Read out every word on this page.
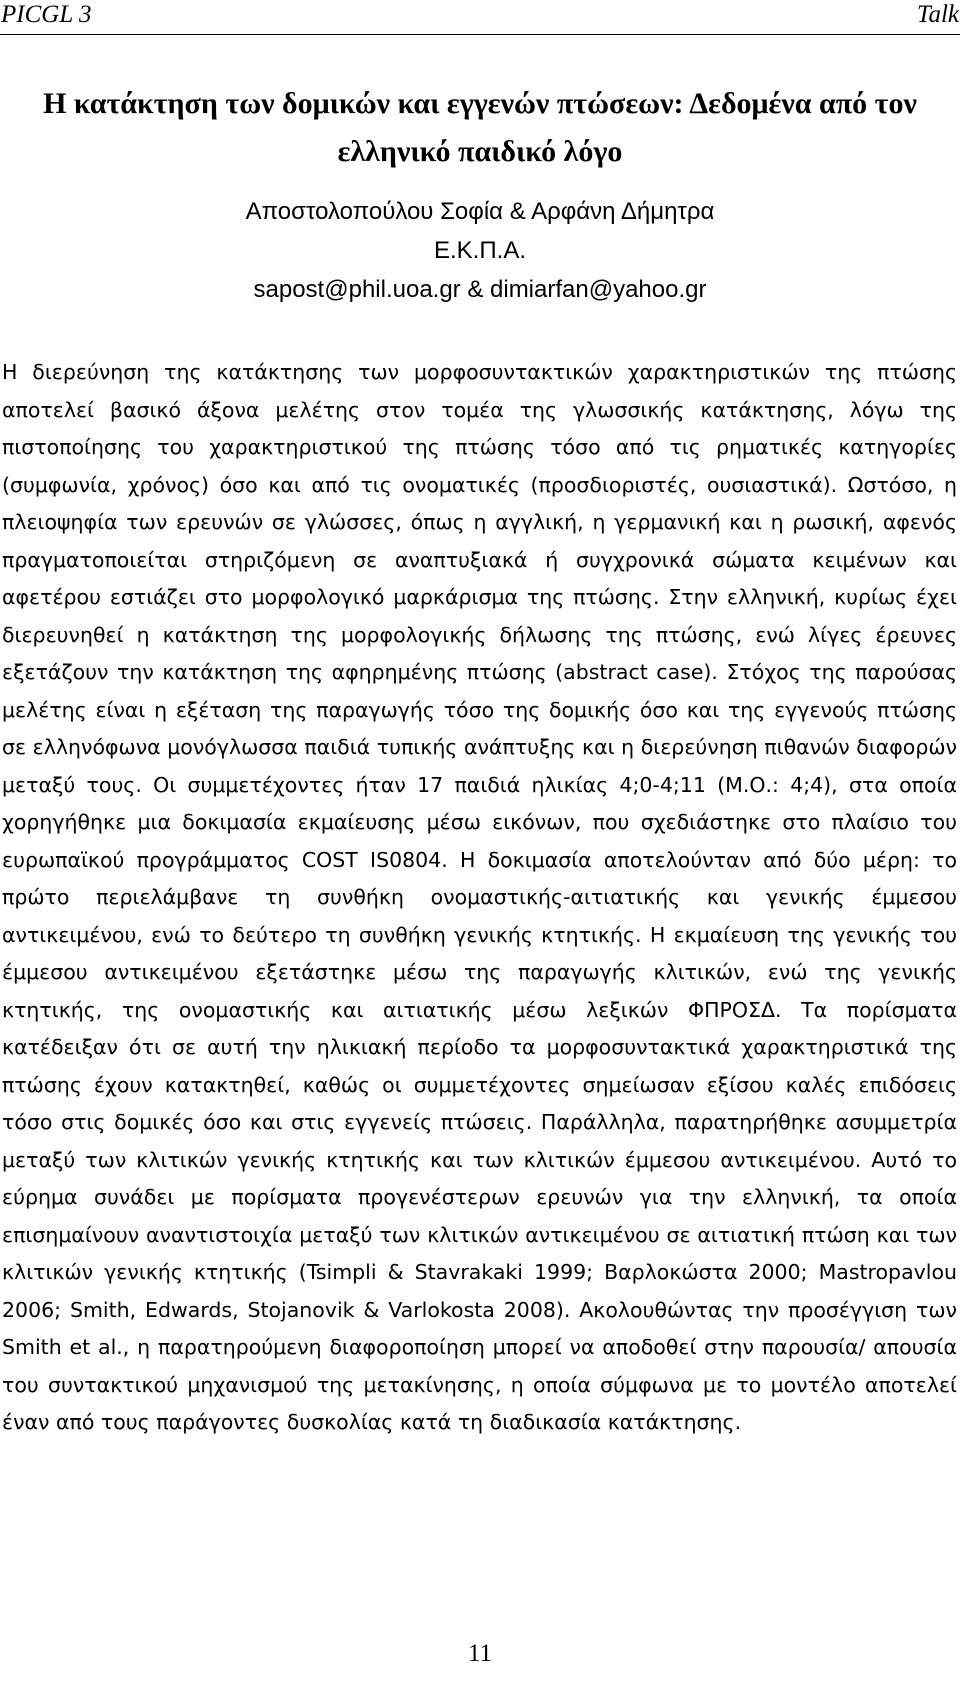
PICGL 3	Talk
Η κατάκτηση των δομικών και εγγενών πτώσεων: Δεδομένα από τον ελληνικό παιδικό λόγο
Αποστολοπούλου Σοφία & Αρφάνη Δήμητρα
Ε.Κ.Π.Α.
sapost@phil.uoa.gr & dimiarfan@yahoo.gr

Η διερεύνηση της κατάκτησης των μορφοσυντακτικών χαρακτηριστικών της πτώσης αποτελεί βασικό άξονα μελέτης στον τομέα της γλωσσικής κατάκτησης, λόγω της πιστοποίησης του χαρακτηριστικού της πτώσης τόσο από τις ρηματικές κατηγορίες (συμφωνία, χρόνος) όσο και από τις ονοματικές (προσδιοριστές, ουσιαστικά). Ωστόσο, η πλειοψηφία των ερευνών σε γλώσσες, όπως η αγγλική, η γερμανική και η ρωσική, αφενός πραγματοποιείται στηριζόμενη σε αναπτυξιακά ή συγχρονικά σώματα κειμένων και αφετέρου εστιάζει στο μορφολογικό μαρκάρισμα της πτώσης. Στην ελληνική, κυρίως έχει διερευνηθεί η κατάκτηση της μορφολογικής δήλωσης της πτώσης, ενώ λίγες έρευνες εξετάζουν την κατάκτηση της αφηρημένης πτώσης (abstract case). Στόχος της παρούσας μελέτης είναι η εξέταση της παραγωγής τόσο της δομικής όσο και της εγγενούς πτώσης σε ελληνόφωνα μονόγλωσσα παιδιά τυπικής ανάπτυξης και η διερεύνηση πιθανών διαφορών μεταξύ τους. Οι συμμετέχοντες ήταν 17 παιδιά ηλικίας 4;0-4;11 (Μ.Ο.: 4;4), στα οποία χορηγήθηκε μια δοκιμασία εκμαίευσης μέσω εικόνων, που σχεδιάστηκε στο πλαίσιο του ευρωπαϊκού προγράμματος COST IS0804. Η δοκιμασία αποτελούνταν από δύο μέρη: το πρώτο περιελάμβανε τη συνθήκη ονομαστικής-αιτιατικής και γενικής έμμεσου αντικειμένου, ενώ το δεύτερο τη συνθήκη γενικής κτητικής. Η εκμαίευση της γενικής του έμμεσου αντικειμένου εξετάστηκε μέσω της παραγωγής κλιτικών, ενώ της γενικής κτητικής, της ονομαστικής και αιτιατικής μέσω λεξικών ΦΠΡΟΣΔ. Τα πορίσματα κατέδειξαν ότι σε αυτή την ηλικιακή περίοδο τα μορφοσυντακτικά χαρακτηριστικά της πτώσης έχουν κατακτηθεί, καθώς οι συμμετέχοντες σημείωσαν εξίσου καλές επιδόσεις τόσο στις δομικές όσο και στις εγγενείς πτώσεις. Παράλληλα, παρατηρήθηκε ασυμμετρία μεταξύ των κλιτικών γενικής κτητικής και των κλιτικών έμμεσου αντικειμένου. Αυτό το εύρημα συνάδει με πορίσματα προγενέστερων ερευνών για την ελληνική, τα οποία επισημαίνουν αναντιστοιχία μεταξύ των κλιτικών αντικειμένου σε αιτιατική πτώση και των κλιτικών γενικής κτητικής (Tsimpli & Stavrakaki 1999; Βαρλοκώστα 2000; Mastropavlou 2006; Smith, Edwards, Stojanovik & Varlokosta 2008). Ακολουθώντας την προσέγγιση των Smith et al., η παρατηρούμενη διαφοροποίηση μπορεί να αποδοθεί στην παρουσία/ απουσία του συντακτικού μηχανισμού της μετακίνησης, η οποία σύμφωνα με το μοντέλο αποτελεί έναν από τους παράγοντες δυσκολίας κατά τη διαδικασία κατάκτησης.

11
